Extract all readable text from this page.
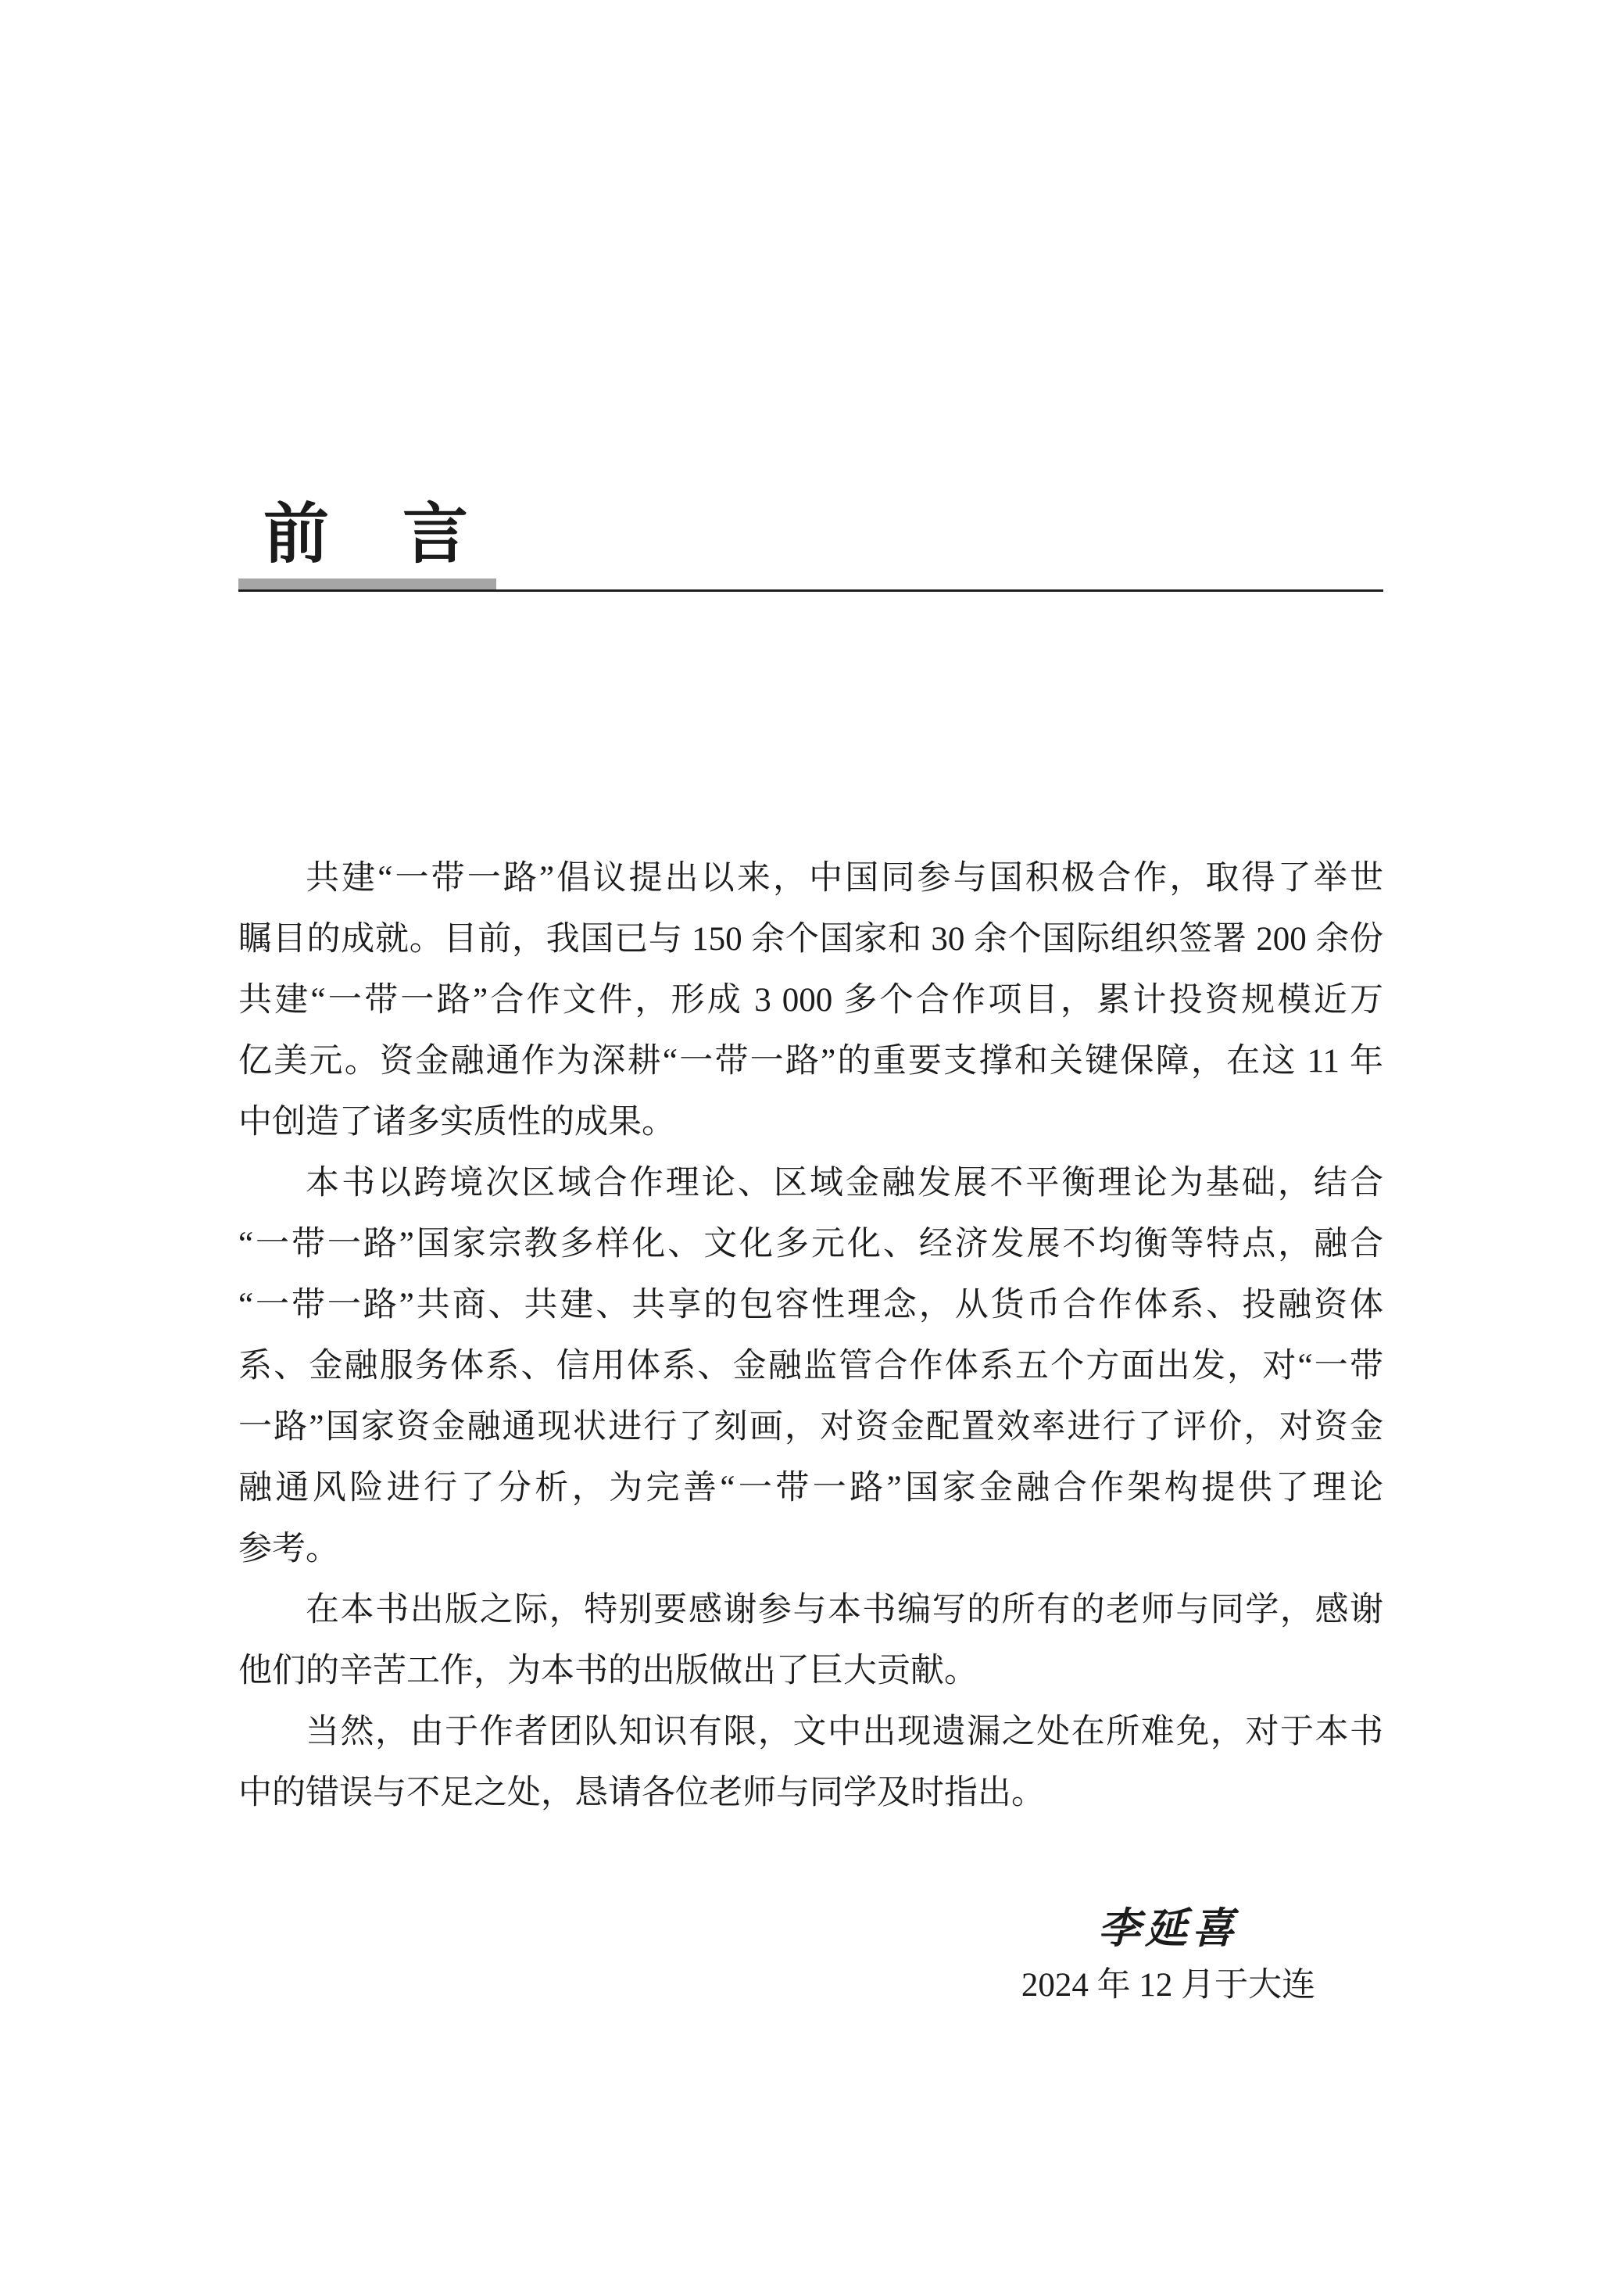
前 言
共建“一带一路”倡议提出以来，中国同参与国积极合作，取得了举世
瞩目的成就。目前，我国已与 150 余个国家和 30 余个国际组织签署 200 余份
共建“一带一路”合作文件，形成 3 000 多个合作项目，累计投资规模近万
亿美元。资金融通作为深耕“一带一路”的重要支撑和关键保障，在这 11 年
中创造了诸多实质性的成果。
本书以跨境次区域合作理论、区域金融发展不平衡理论为基础，结合
“一带一路”国家宗教多样化、文化多元化、经济发展不均衡等特点，融合
“一带一路”共商、共建、共享的包容性理念，从货币合作体系、投融资体
系、金融服务体系、信用体系、金融监管合作体系五个方面出发，对“一带
一路”国家资金融通现状进行了刻画，对资金配置效率进行了评价，对资金
融通风险进行了分析，为完善“一带一路”国家金融合作架构提供了理论
参考。
在本书出版之际，特别要感谢参与本书编写的所有的老师与同学，感谢
他们的辛苦工作，为本书的出版做出了巨大贡献。
当然，由于作者团队知识有限，文中出现遗漏之处在所难免，对于本书
中的错误与不足之处，恳请各位老师与同学及时指出。
李延喜
2024 年 12 月于大连
